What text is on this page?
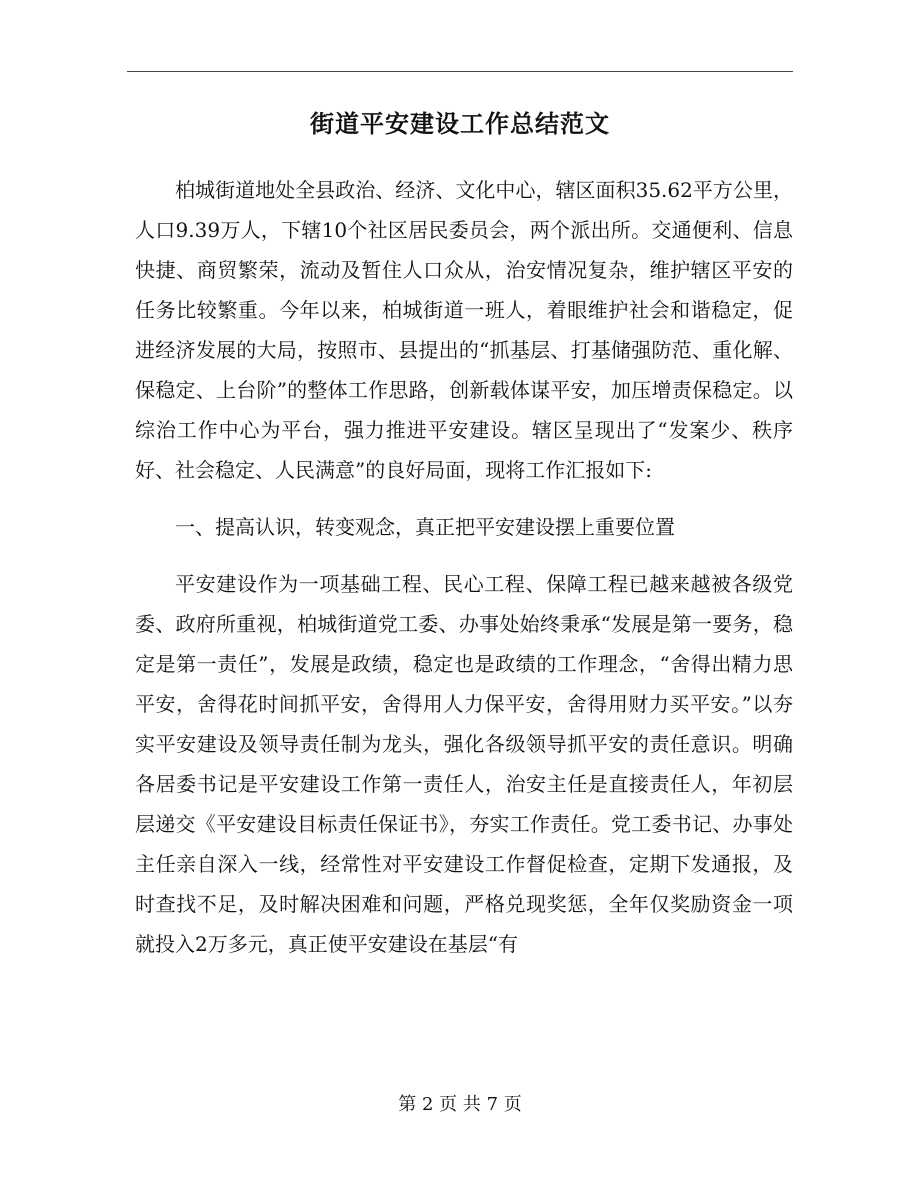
街道平安建设工作总结范文

柏城街道地处全县政治、经济、文化中心，辖区面积35.62平方公里，人口9.39万人，下辖10个社区居民委员会，两个派出所。交通便利、信息快捷、商贸繁荣，流动及暂住人口众从，治安情况复杂，维护辖区平安的任务比较繁重。今年以来，柏城街道一班人，着眼维护社会和谐稳定，促进经济发展的大局，按照市、县提出的“抓基层、打基储强防范、重化解、保稳定、上台阶”的整体工作思路，创新载体谋平安，加压增责保稳定。以综治工作中心为平台，强力推进平安建设。辖区呈现出了“发案少、秩序好、社会稳定、人民满意”的良好局面，现将工作汇报如下:

一、提高认识，转变观念，真正把平安建设摆上重要位置

平安建设作为一项基础工程、民心工程、保障工程已越来越被各级党委、政府所重视，柏城街道党工委、办事处始终秉承“发展是第一要务，稳定是第一责任”，发展是政绩，稳定也是政绩的工作理念，“舍得出精力思平安，舍得花时间抓平安，舍得用人力保平安，舍得用财力买平安。”以夯实平安建设及领导责任制为龙头，强化各级领导抓平安的责任意识。明确各居委书记是平安建设工作第一责任人，治安主任是直接责任人，年初层层递交《平安建设目标责任保证书》，夯实工作责任。党工委书记、办事处主任亲自深入一线，经常性对平安建设工作督促检查，定期下发通报，及时查找不足，及时解决困难和问题，严格兑现奖惩，全年仅奖励资金一项就投入2万多元，真正使平安建设在基层“有

第 2 页 共 7 页
